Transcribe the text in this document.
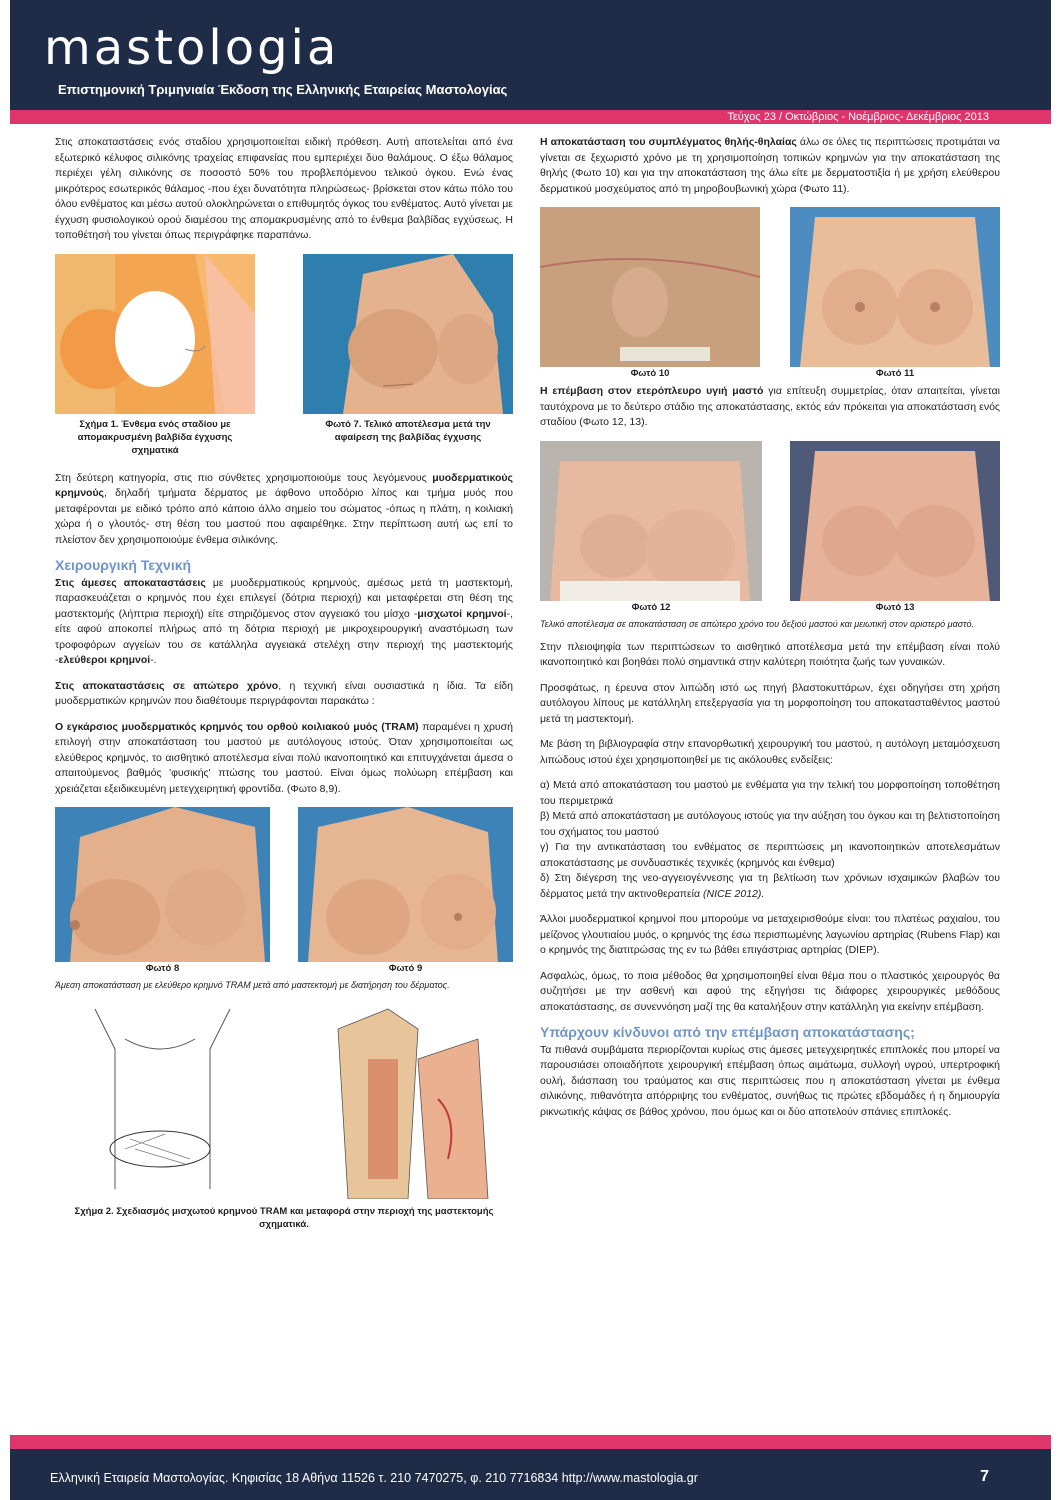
mastologia
Επιστημονική Τριμηνιαία Έκδοση της Ελληνικής Εταιρείας Μαστολογίας
Τεύχος 23 / Οκτώβριος - Νοέμβριος- Δεκέμβριος 2013

Στις αποκαταστάσεις ενός σταδίου χρησιμοποιείται ειδική πρόθεση. Αυτή αποτελείται από ένα εξωτερικό κέλυφος σιλικόνης τραχείας επιφανείας που εμπεριέχει δυο θαλάμους. Ο έξω θάλαμος περιέχει γέλη σιλικόνης σε ποσοστό 50% του προβλεπόμενου τελικού όγκου. Ενώ ένας μικρότερος εσωτερικός θάλαμος -που έχει δυνατότητα πληρώσεως- βρίσκεται στον κάτω πόλο του όλου ενθέματος και μέσω αυτού ολοκληρώνεται ο επιθυμητός όγκος του ενθέματος. Αυτό γίνεται με έγχυση φυσιολογικού ορού διαμέσου της απομακρυσμένης από το ένθεμα βαλβίδας εγχύσεως. Η τοποθέτησή του γίνεται όπως περιγράφηκε παραπάνω.

Σχήμα 1. Ένθεμα ενός σταδίου με απομακρυσμένη βαλβίδα έγχυσης σχηματικά
Φωτό 7. Τελικό αποτέλεσμα μετά την αφαίρεση της βαλβίδας έγχυσης

Στη δεύτερη κατηγορία, στις πιο σύνθετες χρησιμοποιούμε τους λεγόμενους μυοδερματικούς κρημνούς, δηλαδή τμήματα δέρματος με άφθονο υποδόριο λίπος και τμήμα μυός που μεταφέρονται με ειδικό τρόπο από κάποιο άλλο σημείο του σώματος -όπως η πλάτη, η κοιλιακή χώρα ή ο γλουτός- στη θέση του μαστού που αφαιρέθηκε. Στην περίπτωση αυτή ως επί το πλείστον δεν χρησιμοποιούμε ένθεμα σιλικόνης.

Χειρουργική Τεχνική

Στις άμεσες αποκαταστάσεις με μυοδερματικούς κρημνούς, αμέσως μετά τη μαστεκτομή, παρασκευάζεται ο κρημνός που έχει επιλεγεί (δότρια περιοχή) και μεταφέρεται στη θέση της μαστεκτομής (λήπτρια περιοχή) είτε στηριζόμενος στον αγγειακό του μίσχο -μισχωτοί κρημνοί-, είτε αφού αποκοπεί πλήρως από τη δότρια περιοχή με μικροχειρουργική αναστόμωση των τροφοφόρων αγγείων του σε κατάλληλα αγγειακά στελέχη στην περιοχή της μαστεκτομής -ελεύθεροι κρημνοί-.

Στις αποκαταστάσεις σε απώτερο χρόνο, η τεχνική είναι ουσιαστικά η ίδια. Τα είδη μυοδερματικών κρημνών που διαθέτουμε περιγράφονται παρακάτω :

Ο εγκάρσιος μυοδερματικός κρημνός του ορθού κοιλιακού μυός (TRAM) παραμένει η χρυσή επιλογή στην αποκατάσταση του μαστού με αυτόλογους ιστούς. Όταν χρησιμοποιείται ως ελεύθερος κρημνός, το αισθητικό αποτέλεσμα είναι πολύ ικανοποιητικό και επιτυγχάνεται άμεσα ο απαιτούμενος βαθμός 'φυσικής' πτώσης του μαστού. Είναι όμως πολύωρη επέμβαση και χρειάζεται εξειδικευμένη μετεγχειρητική φροντίδα. (Φωτο 8,9).

Φωτό 8	Φωτό 9
Άμεση αποκατάσταση με ελεύθερο κρημνό TRAM μετά από μαστεκτομή με διατήρηση του δέρματος.
Σχήμα 2. Σχεδιασμός μισχωτού κρημνού TRAM και μεταφορά στην περιοχή της μαστεκτομής σχηματικά.

Η αποκατάσταση του συμπλέγματος θηλής-θηλαίας άλω σε όλες τις περιπτώσεις προτιμάται να γίνεται σε ξεχωριστό χρόνο με τη χρησιμοποίηση τοπικών κρημνών για την αποκατάσταση της θηλής (Φωτο 10) και για την αποκατάσταση της άλω είτε με δερματοστιξία ή με χρήση ελεύθερου δερματικού μοσχεύματος από τη μηροβουβωνική χώρα (Φωτο 11).

Φωτό 10	Φωτό 11

Η επέμβαση στον ετερόπλευρο υγιή μαστό για επίτευξη συμμετρίας, όταν απαιτείται, γίνεται ταυτόχρονα με το δεύτερο στάδιο της αποκατάστασης, εκτός εάν πρόκειται για αποκατάσταση ενός σταδίου (Φωτο 12, 13).

Φωτό 12	Φωτό 13
Τελικό αποτέλεσμα σε αποκατάσταση σε απώτερο χρόνο του δεξιού μαστού και μειωτική στον αριστερό μαστό.

Στην πλειοψηφία των περιπτώσεων το αισθητικό αποτέλεσμα μετά την επέμβαση είναι πολύ ικανοποιητικό και βοηθάει πολύ σημαντικά στην καλύτερη ποιότητα ζωής των γυναικών.

Προσφάτως, η έρευνα στον λιπώδη ιστό ως πηγή βλαστοκυττάρων, έχει οδηγήσει στη χρήση αυτόλογου λίπους με κατάλληλη επεξεργασία για τη μορφοποίηση του αποκατασταθέντος μαστού μετά τη μαστεκτομή.

Με βάση τη βιβλιογραφία στην επανορθωτική χειρουργική του μαστού, η αυτόλογη μεταμόσχευση λιπώδους ιστού έχει χρησιμοποιηθεί με τις ακόλουθες ενδείξεις:

α) Μετά από αποκατάσταση του μαστού με ενθέματα για την τελική του μορφοποίηση τοποθέτηση του περιμετρικά
β) Μετά από αποκατάσταση με αυτόλογους ιστούς για την αύξηση του όγκου και τη βελτιστοποίηση του σχήματος του μαστού
γ) Για την αντικατάσταση του ενθέματος σε περιπτώσεις μη ικανοποιητικών αποτελεσμάτων αποκατάστασης με συνδυαστικές τεχνικές (κρημνός και ένθεμα)
δ) Στη διέγερση της νεο-αγγειογέννεσης για τη βελτίωση των χρόνιων ισχαιμικών βλαβών του δέρματος μετά την ακτινοθεραπεία (NICE 2012).

Άλλοι μυοδερματικοί κρημνοί που μπορούμε να μεταχειρισθούμε είναι: του πλατέως ραχιαίου, του μείζονος γλουτιαίου μυός, ο κρημνός της έσω περισπωμένης λαγωνίου αρτηρίας (Rubens Flap) και ο κρημνός της διατιτρώσας της εν τω βάθει επιγάστριας αρτηρίας (DIEP).

Ασφαλώς, όμως, το ποια μέθοδος θα χρησιμοποιηθεί είναι θέμα που ο πλαστικός χειρουργός θα συζητήσει με την ασθενή και αφού της εξηγήσει τις διάφορες χειρουργικές μεθόδους αποκατάστασης, σε συνεννόηση μαζί της θα καταλήξουν στην κατάλληλη για εκείνην επέμβαση.

Υπάρχουν κίνδυνοι από την επέμβαση αποκατάστασης;

Τα πιθανά συμβάματα περιορίζονται κυρίως στις άμεσες μετεγχειρητικές επιπλοκές που μπορεί να παρουσιάσει οποιαδήποτε χειρουργική επέμβαση όπως αιμάτωμα, συλλογή υγρού, υπερτροφική ουλή, διάσπαση του τραύματος και στις περιπτώσεις που η αποκατάσταση γίνεται με ένθεμα σιλικόνης, πιθανότητα απόρριψης του ενθέματος, συνήθως τις πρώτες εβδομάδες ή η δημιουργία ρικνωτικής κάψας σε βάθος χρόνου, που όμως και οι δύο αποτελούν σπάνιες επιπλοκές.

Ελληνική Εταιρεία Μαστολογίας. Κηφισίας 18 Αθήνα 11526 τ. 210 7470275, φ. 210 7716834 http://www.mastologia.gr	7
